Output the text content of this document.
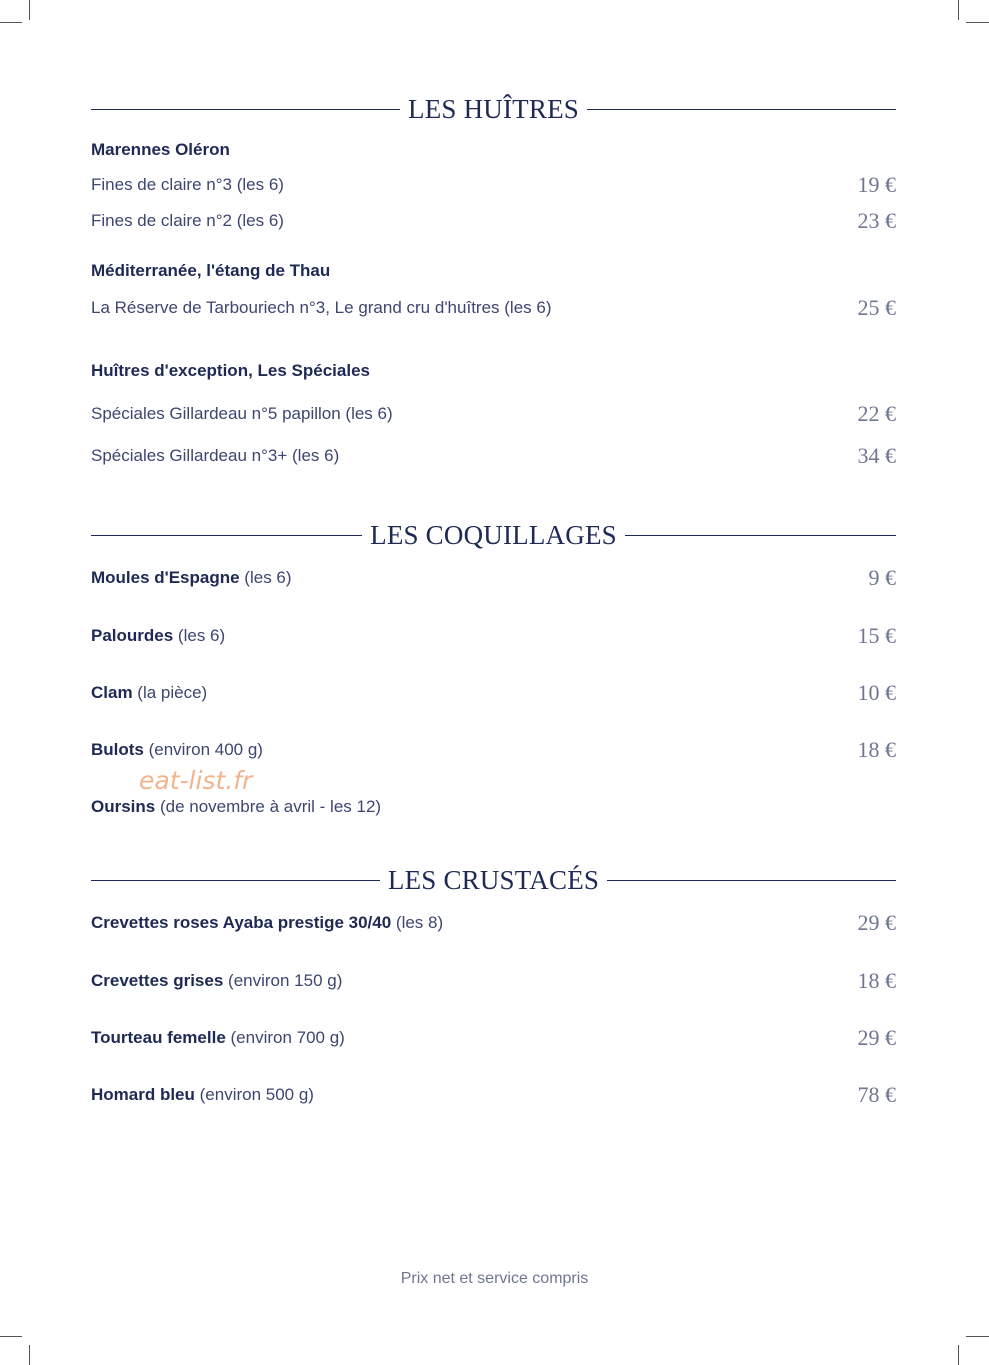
LES HUÎTRES
Marennes Oléron
Fines de claire n°3 (les 6)	19 €
Fines de claire n°2 (les 6)	23 €
Méditerranée, l'étang de Thau
La Réserve de Tarbouriech n°3, Le grand cru d'huîtres (les 6)	25 €
Huîtres d'exception, Les Spéciales
Spéciales Gillardeau n°5 papillon (les 6)	22 €
Spéciales Gillardeau n°3+ (les 6)	34 €
LES COQUILLAGES
Moules d'Espagne (les 6)	9 €
Palourdes (les 6)	15 €
Clam (la pièce)	10 €
Bulots (environ 400 g)	18 €
Oursins (de novembre à avril - les 12)
LES CRUSTACÉS
Crevettes roses Ayaba prestige 30/40 (les 8)	29 €
Crevettes grises (environ 150 g)	18 €
Tourteau femelle (environ 700 g)	29 €
Homard bleu (environ 500 g)	78 €
eat-list.fr
Prix net et service compris
